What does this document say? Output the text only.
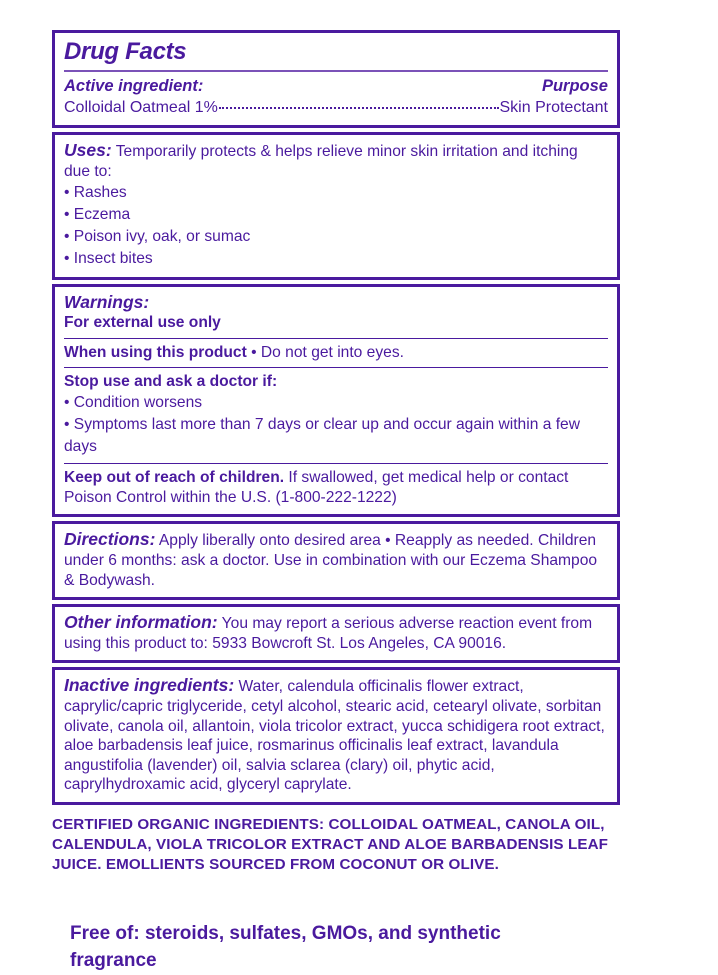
Drug Facts
Active ingredient:	Purpose
Colloidal Oatmeal 1%	Skin Protectant

Uses: Temporarily protects & helps relieve minor skin irritation and itching due to:

• Rashes

• Eczema

• Poison ivy, oak, or sumac

• Insect bites

Warnings:
For external use only

When using this product • Do not get into eyes.

Stop use and ask a doctor if:

• Condition worsens

• Symptoms last more than 7 days or clear up and occur again within a few days

Keep out of reach of children. If swallowed, get medical help or contact Poison Control within the U.S. (1-800-222-1222)

Directions: Apply liberally onto desired area • Reapply as needed. Children under 6 months: ask a doctor. Use in combination with our Eczema Shampoo & Bodywash.

Other information: You may report a serious adverse reaction event from using this product to: 5933 Bowcroft St. Los Angeles, CA 90016.

Inactive ingredients: Water, calendula officinalis flower extract, caprylic/capric triglyceride, cetyl alcohol, stearic acid, cetearyl olivate, sorbitan olivate, canola oil, allantoin, viola tricolor extract, yucca schidigera root extract, aloe barbadensis leaf juice, rosmarinus officinalis leaf extract, lavandula angustifolia (lavender) oil, salvia sclarea (clary) oil, phytic acid, caprylhydroxamic acid, glyceryl caprylate.

CERTIFIED ORGANIC INGREDIENTS: COLLOIDAL OATMEAL, CANOLA OIL, CALENDULA, VIOLA TRICOLOR EXTRACT AND ALOE BARBADENSIS LEAF JUICE. EMOLLIENTS SOURCED FROM COCONUT OR OLIVE.
Free of: steroids, sulfates, GMOs, and synthetic fragrance
